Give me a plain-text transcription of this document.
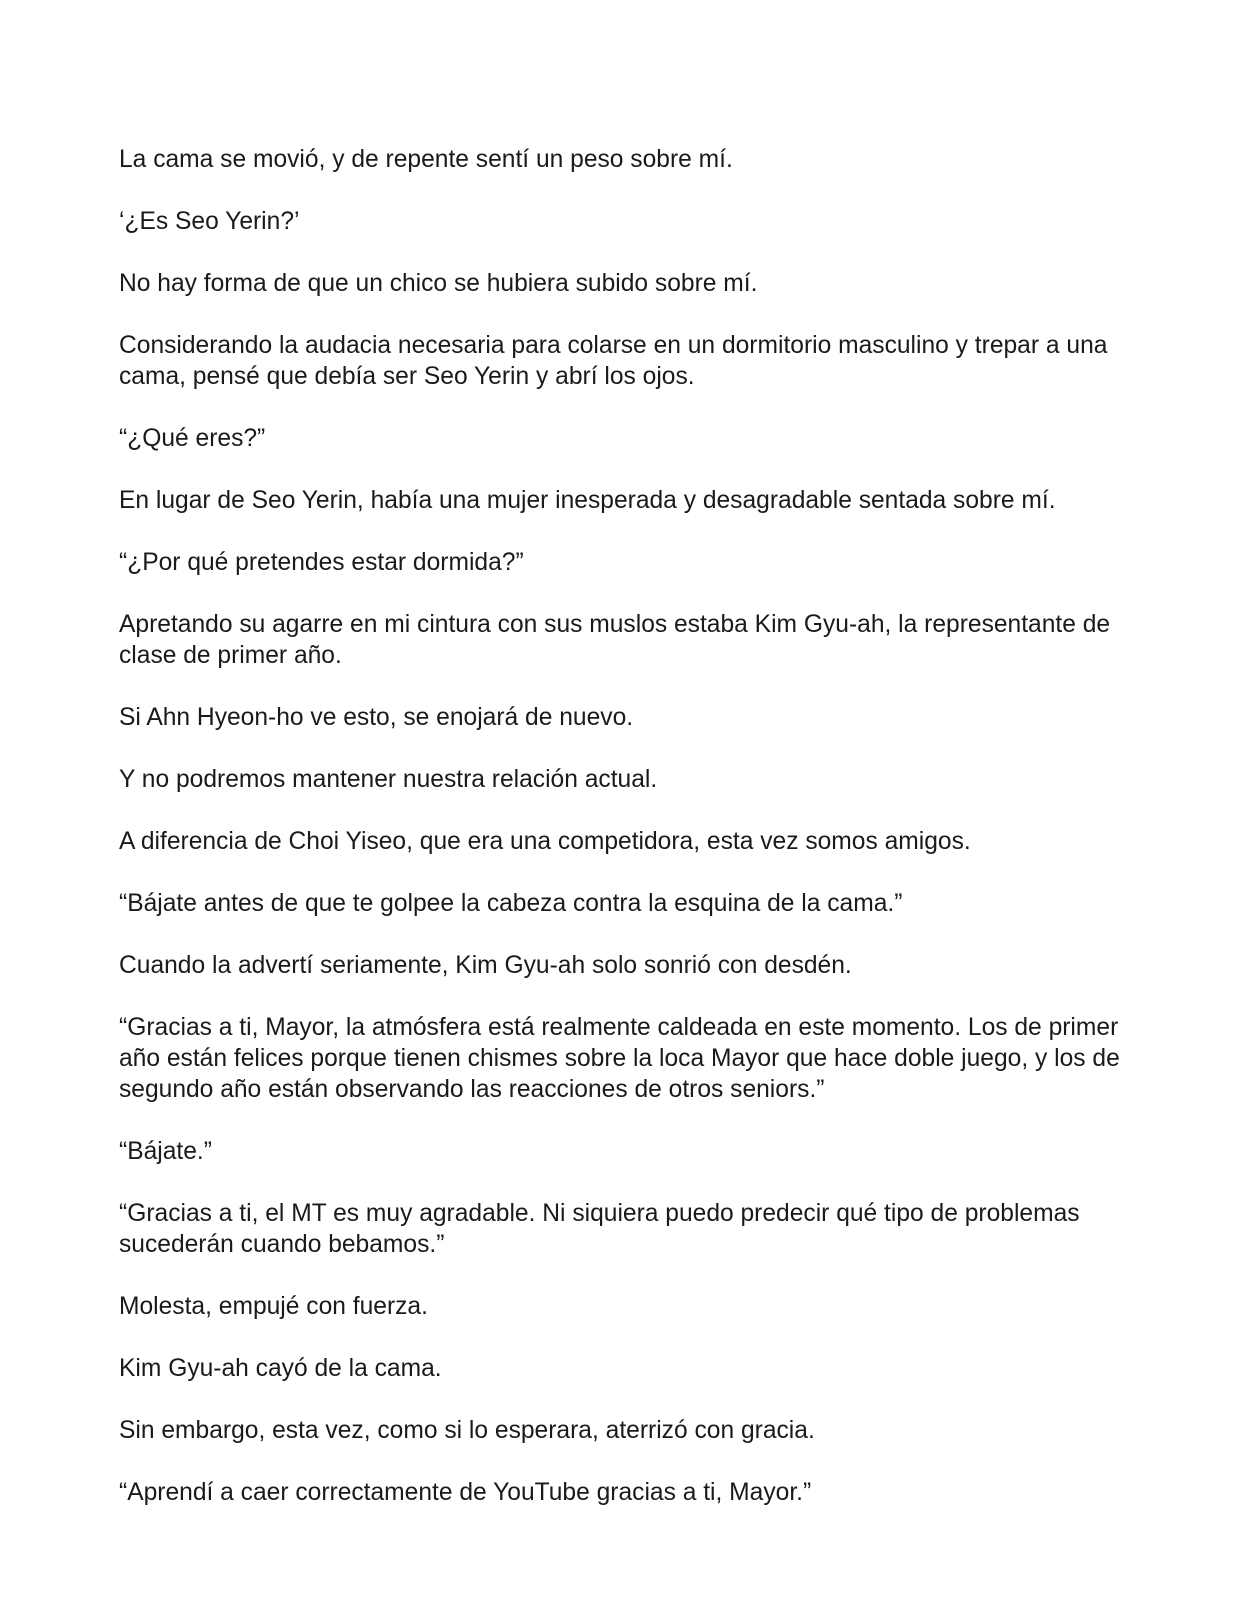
La cama se movió, y de repente sentí un peso sobre mí.

‘¿Es Seo Yerin?’

No hay forma de que un chico se hubiera subido sobre mí.

Considerando la audacia necesaria para colarse en un dormitorio masculino y trepar a una cama, pensé que debía ser Seo Yerin y abrí los ojos.

“¿Qué eres?”

En lugar de Seo Yerin, había una mujer inesperada y desagradable sentada sobre mí.

“¿Por qué pretendes estar dormida?”

Apretando su agarre en mi cintura con sus muslos estaba Kim Gyu-ah, la representante de clase de primer año.

Si Ahn Hyeon-ho ve esto, se enojará de nuevo.

Y no podremos mantener nuestra relación actual.

A diferencia de Choi Yiseo, que era una competidora, esta vez somos amigos.

“Bájate antes de que te golpee la cabeza contra la esquina de la cama.”

Cuando la advertí seriamente, Kim Gyu-ah solo sonrió con desdén.

“Gracias a ti, Mayor, la atmósfera está realmente caldeada en este momento. Los de primer año están felices porque tienen chismes sobre la loca Mayor que hace doble juego, y los de segundo año están observando las reacciones de otros seniors.”

“Bájate.”

“Gracias a ti, el MT es muy agradable. Ni siquiera puedo predecir qué tipo de problemas sucederán cuando bebamos.”

Molesta, empujé con fuerza.

Kim Gyu-ah cayó de la cama.

Sin embargo, esta vez, como si lo esperara, aterrizó con gracia.

“Aprendí a caer correctamente de YouTube gracias a ti, Mayor.”
